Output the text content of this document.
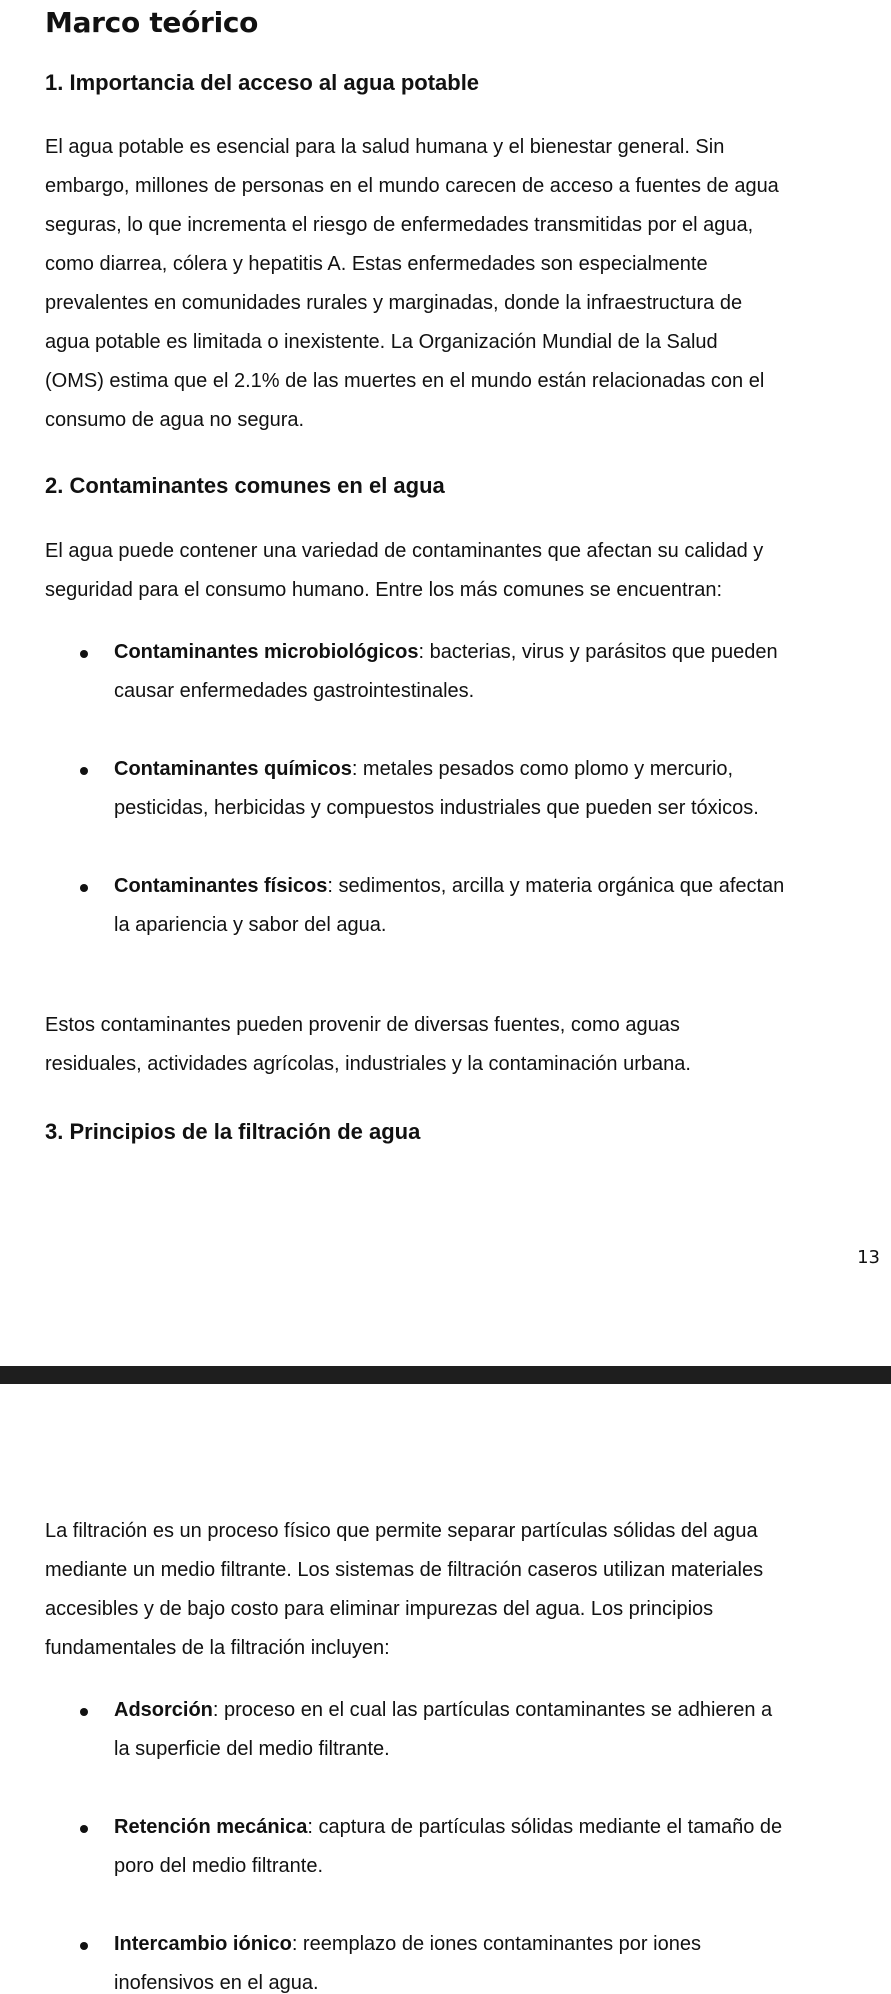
Marco teórico
1. Importancia del acceso al agua potable

El agua potable es esencial para la salud humana y el bienestar general. Sin
embargo, millones de personas en el mundo carecen de acceso a fuentes de agua
seguras, lo que incrementa el riesgo de enfermedades transmitidas por el agua,
como diarrea, cólera y hepatitis A. Estas enfermedades son especialmente
prevalentes en comunidades rurales y marginadas, donde la infraestructura de
agua potable es limitada o inexistente. La Organización Mundial de la Salud
(OMS) estima que el 2.1% de las muertes en el mundo están relacionadas con el
consumo de agua no segura.

2. Contaminantes comunes en el agua

El agua puede contener una variedad de contaminantes que afectan su calidad y
seguridad para el consumo humano. Entre los más comunes se encuentran:

Contaminantes microbiológicos: bacterias, virus y parásitos que pueden
causar enfermedades gastrointestinales.
Contaminantes químicos: metales pesados como plomo y mercurio,
pesticidas, herbicidas y compuestos industriales que pueden ser tóxicos.
Contaminantes físicos: sedimentos, arcilla y materia orgánica que afectan
la apariencia y sabor del agua.

Estos contaminantes pueden provenir de diversas fuentes, como aguas
residuales, actividades agrícolas, industriales y la contaminación urbana.

3. Principios de la filtración de agua
13

La filtración es un proceso físico que permite separar partículas sólidas del agua
mediante un medio filtrante. Los sistemas de filtración caseros utilizan materiales
accesibles y de bajo costo para eliminar impurezas del agua. Los principios
fundamentales de la filtración incluyen:

Adsorción: proceso en el cual las partículas contaminantes se adhieren a
la superficie del medio filtrante.
Retención mecánica: captura de partículas sólidas mediante el tamaño de
poro del medio filtrante.
Intercambio iónico: reemplazo de iones contaminantes por iones
inofensivos en el agua.
